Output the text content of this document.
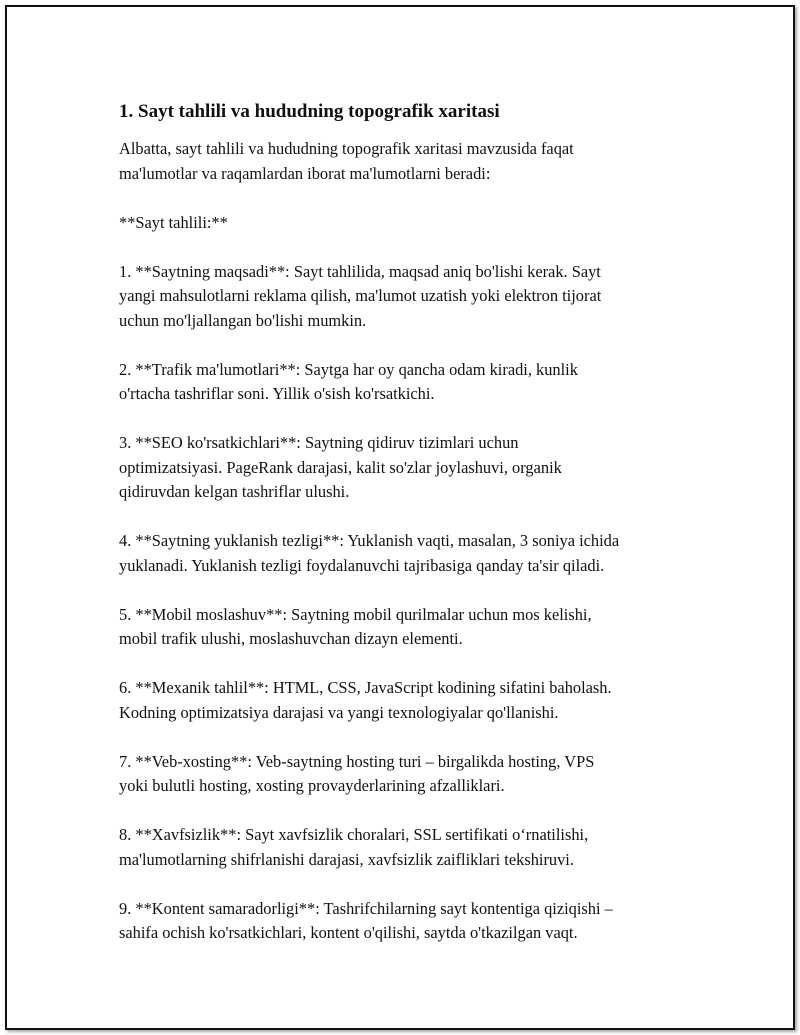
1. Sayt tahlili va hududning topografik xaritasi
Albatta, sayt tahlili va hududning topografik xaritasi mavzusida faqat
ma'lumotlar va raqamlardan iborat ma'lumotlarni beradi:
**Sayt tahlili:**
1. **Saytning maqsadi**: Sayt tahlilida, maqsad aniq bo'lishi kerak. Sayt
yangi mahsulotlarni reklama qilish, ma'lumot uzatish yoki elektron tijorat
uchun mo'ljallangan bo'lishi mumkin.
2. **Trafik ma'lumotlari**: Saytga har oy qancha odam kiradi, kunlik
o'rtacha tashriflar soni. Yillik o'sish ko'rsatkichi.
3. **SEO ko'rsatkichlari**: Saytning qidiruv tizimlari uchun
optimizatsiyasi. PageRank darajasi, kalit so'zlar joylashuvi, organik
qidiruvdan kelgan tashriflar ulushi.
4. **Saytning yuklanish tezligi**: Yuklanish vaqti, masalan, 3 soniya ichida
yuklanadi. Yuklanish tezligi foydalanuvchi tajribasiga qanday ta'sir qiladi.
5. **Mobil moslashuv**: Saytning mobil qurilmalar uchun mos kelishi,
mobil trafik ulushi, moslashuvchan dizayn elementi.
6. **Mexanik tahlil**: HTML, CSS, JavaScript kodining sifatini baholash.
Kodning optimizatsiya darajasi va yangi texnologiyalar qo'llanishi.
7. **Veb-xosting**: Veb-saytning hosting turi – birgalikda hosting, VPS
yoki bulutli hosting, xosting provayderlarining afzalliklari.
8. **Xavfsizlik**: Sayt xavfsizlik choralari, SSL sertifikati o‘rnatilishi,
ma'lumotlarning shifrlanishi darajasi, xavfsizlik zaifliklari tekshiruvi.
9. **Kontent samaradorligi**: Tashrifchilarning sayt kontentiga qiziqishi –
sahifa ochish ko'rsatkichlari, kontent o'qilishi, saytda o'tkazilgan vaqt.
